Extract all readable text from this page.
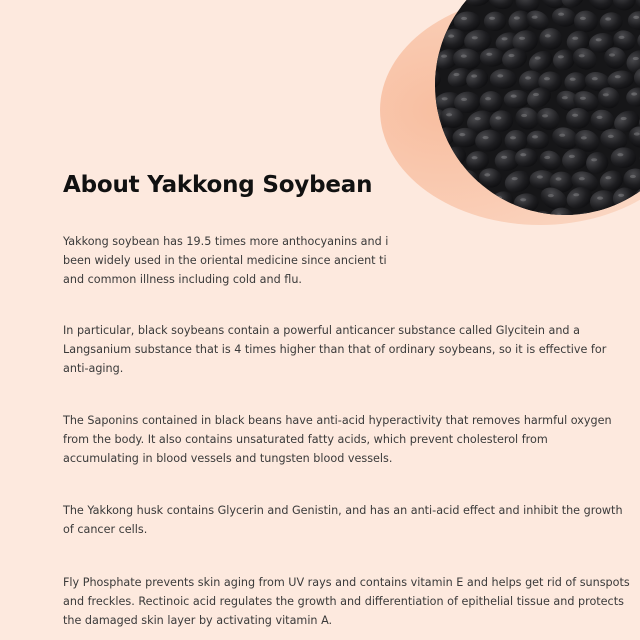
About Yakkong Soybean

Yakkong soybean has 19.5 times more anthocyanins and i
been widely used in the oriental medicine since ancient ti
and common illness including cold and flu.

In particular, black soybeans contain a powerful anticancer substance called Glycitein and a Langsanium substance that is 4 times higher than that of ordinary soybeans, so it is effective for anti-aging.

The Saponins contained in black beans have anti-acid hyperactivity that removes harmful oxygen from the body. It also contains unsaturated fatty acids, which prevent cholesterol from accumulating in blood vessels and tungsten blood vessels.

The Yakkong husk contains Glycerin and Genistin, and has an anti-acid effect and inhibit the growth of cancer cells.

Fly Phosphate prevents skin aging from UV rays and contains vitamin E and helps get rid of sunspots and freckles. Rectinoic acid regulates the growth and differentiation of epithelial tissue and protects the damaged skin layer by activating vitamin A.
